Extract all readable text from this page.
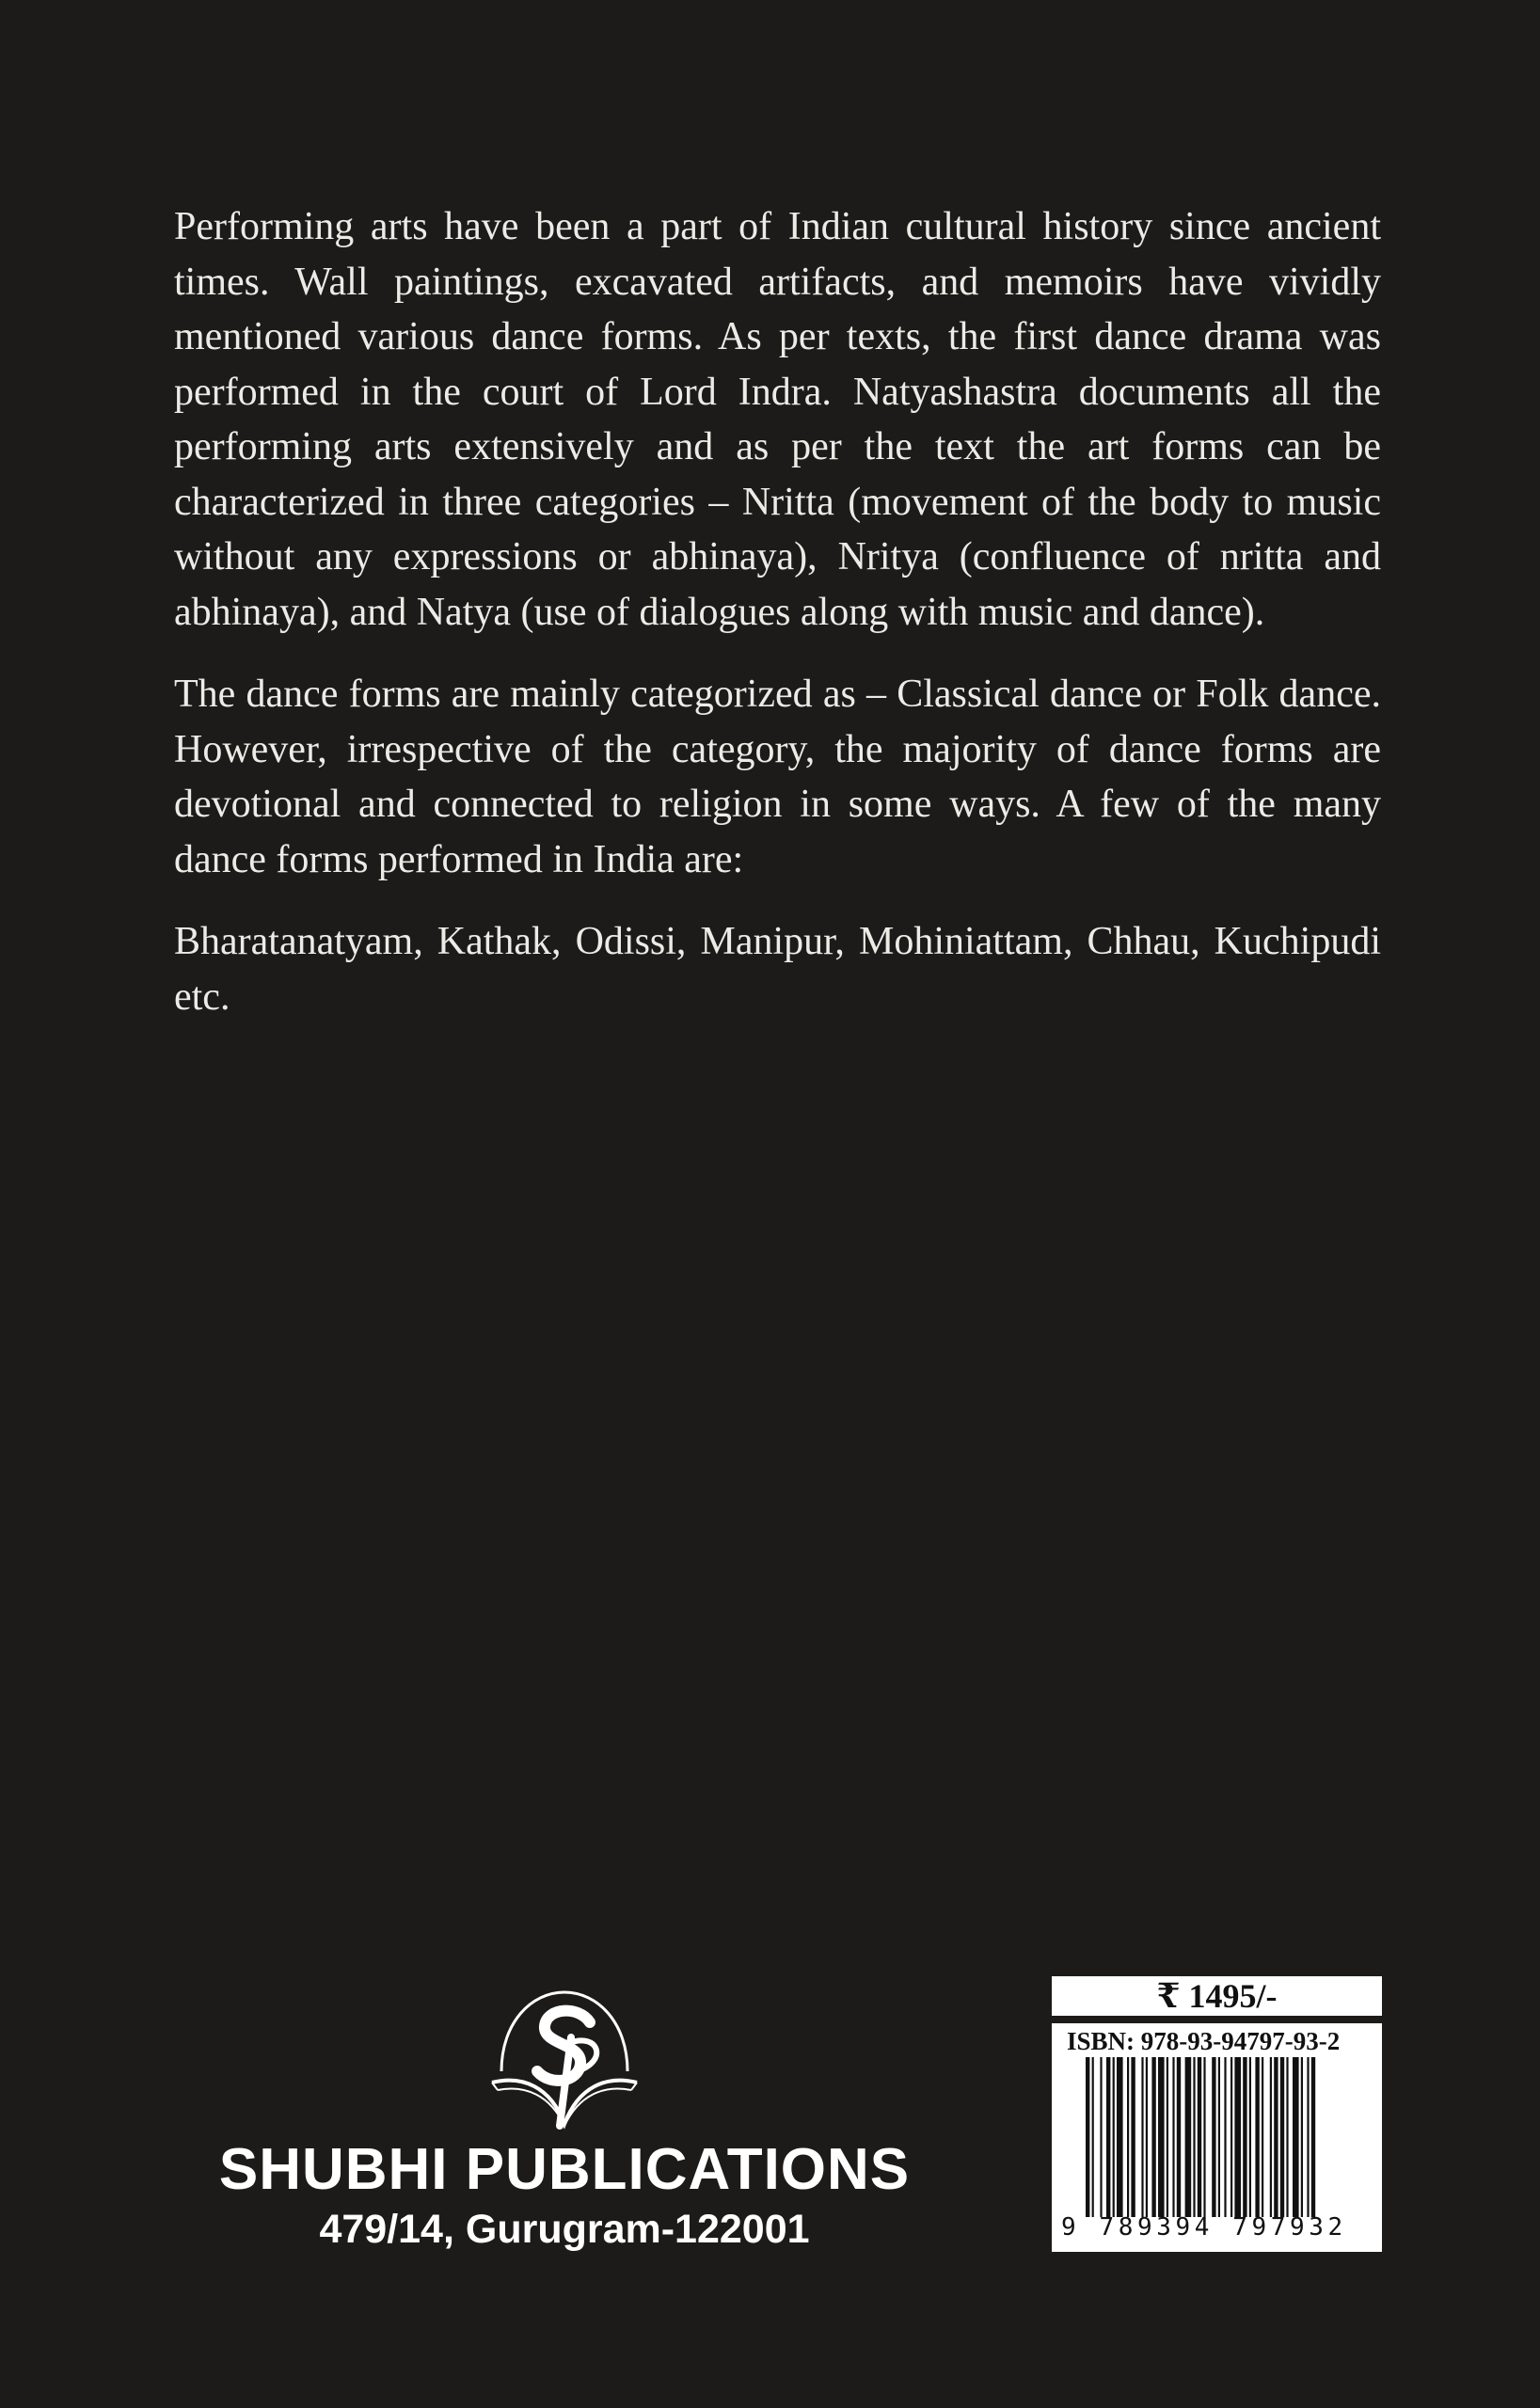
Performing arts have been a part of Indian cultural history since ancient times. Wall paintings, excavated artifacts, and memoirs have vividly mentioned various dance forms. As per texts, the first dance drama was performed in the court of Lord Indra. Natyashastra documents all the performing arts extensively and as per the text the art forms can be characterized in three categories – Nritta (movement of the body to music without any expressions or abhinaya), Nritya (confluence of nritta and abhinaya), and Natya (use of dialogues along with music and dance).

The dance forms are mainly categorized as – Classical dance or Folk dance. However, irrespective of the category, the majority of dance forms are devotional and connected to religion in some ways. A few of the many dance forms performed in India are:

Bharatanatyam, Kathak, Odissi, Manipur, Mohiniattam, Chhau, Kuchipudi etc.

SHUBHI PUBLICATIONS
479/14, Gurugram-122001
₹ 1495/-
ISBN: 978-93-94797-93-2
9 789394 797932
